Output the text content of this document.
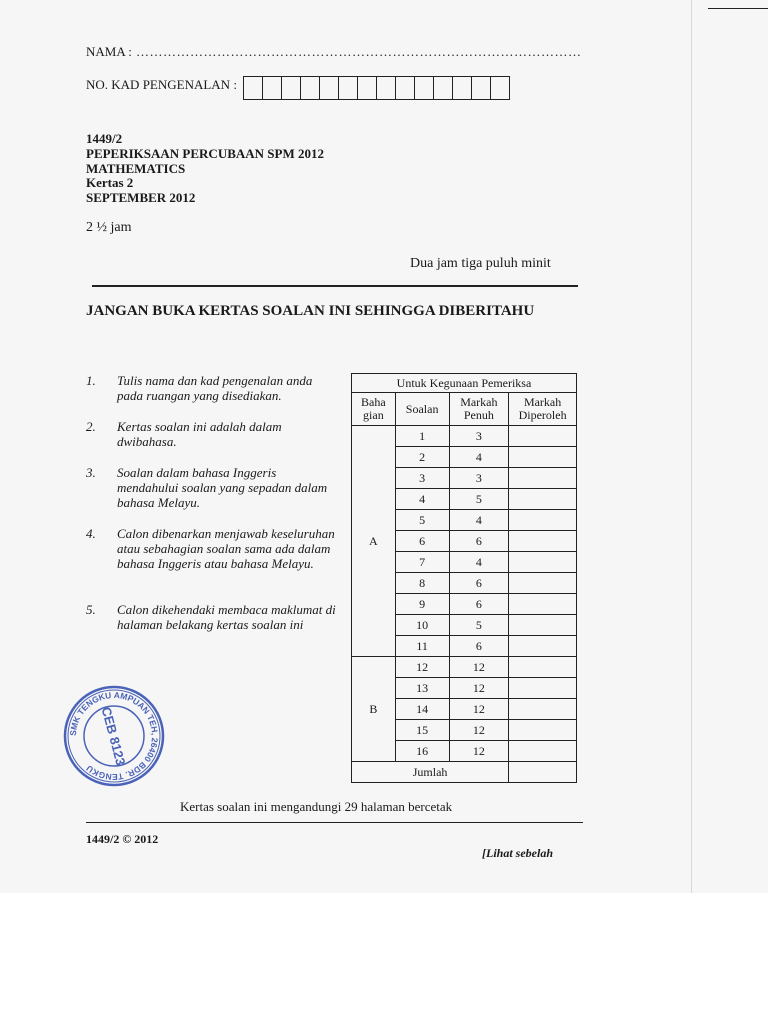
NAMA : ………………………………………………………………………………………
NO. KAD PENGENALAN :
1449/2
PEPERIKSAAN PERCUBAAN SPM 2012
MATHEMATICS
Kertas 2
SEPTEMBER 2012
2 ½ jam
Dua jam tiga puluh minit
JANGAN BUKA KERTAS SOALAN INI SEHINGGA DIBERITAHU
1. Tulis nama dan kad pengenalan anda pada ruangan yang disediakan.
2. Kertas soalan ini adalah dalam dwibahasa.
3. Soalan dalam bahasa Inggeris mendahului soalan yang sepadan dalam bahasa Melayu.
4. Calon dibenarkan menjawab keseluruhan atau sebahagian soalan sama ada dalam bahasa Inggeris atau bahasa Melayu.
5. Calon dikehendaki membaca maklumat di halaman belakang kertas soalan ini
Untuk Kegunaan Pemeriksa			
Baha gian	Soalan	Markah Penuh	Markah Diperoleh
A	1	3	
	2	4	
	3	3	
	4	5	
	5	4	
	6	6	
	7	4	
	8	6	
	9	6	
	10	5	
	11	6	
B	12	12	
	13	12	
	14	12	
	15	12	
	16	12	
Jumlah			
SMK TENGKU AMPUAN TEH, 26400 BDR. TENGKU
CEB 8123
Kertas soalan ini mengandungi 29 halaman bercetak
1449/2 © 2012
[Lihat sebelah
